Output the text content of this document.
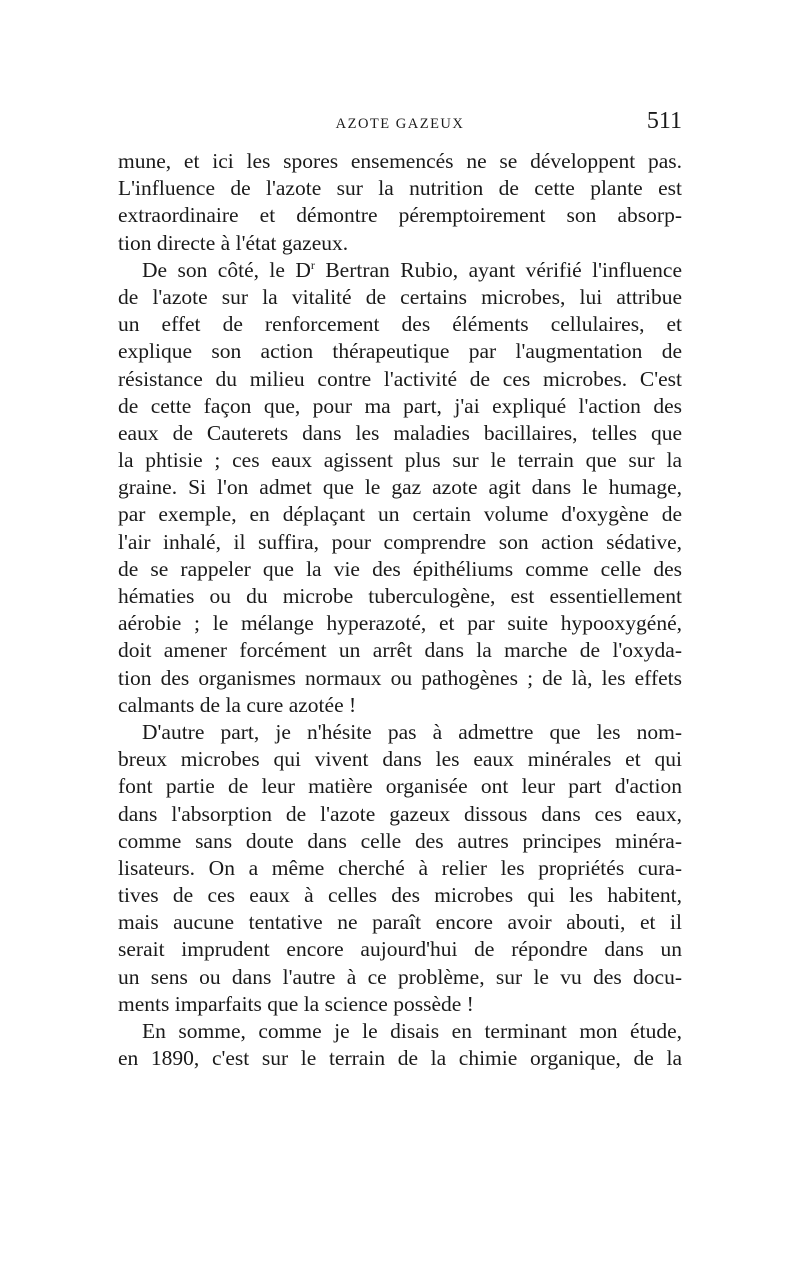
AZOTE GAZEUX	511
mune, et ici les spores ensemencés ne se développent pas.
L'influence de l'azote sur la nutrition de cette plante est
extraordinaire et démontre péremptoirement son absorp-
tion directe à l'état gazeux.
De son côté, le $D^r$ Bertran Rubio, ayant vérifié l'influence
de l'azote sur la vitalité de certains microbes, lui attribue
un effet de renforcement des éléments cellulaires, et
explique son action thérapeutique par l'augmentation de
résistance du milieu contre l'activité de ces microbes. C'est
de cette façon que, pour ma part, j'ai expliqué l'action des
eaux de Cauterets dans les maladies bacillaires, telles que
la phtisie ; ces eaux agissent plus sur le terrain que sur la
graine. Si l'on admet que le gaz azote agit dans le humage,
par exemple, en déplaçant un certain volume d'oxygène de
l'air inhalé, il suffira, pour comprendre son action sédative,
de se rappeler que la vie des épithéliums comme celle des
hématies ou du microbe tuberculogène, est essentiellement
aérobie ; le mélange hyperazoté, et par suite hypooxygéné,
doit amener forcément un arrêt dans la marche de l'oxyda-
tion des organismes normaux ou pathogènes ; de là, les effets
calmants de la cure azotée !
D'autre part, je n'hésite pas à admettre que les nom-
breux microbes qui vivent dans les eaux minérales et qui
font partie de leur matière organisée ont leur part d'action
dans l'absorption de l'azote gazeux dissous dans ces eaux,
comme sans doute dans celle des autres principes minéra-
lisateurs. On a même cherché à relier les propriétés cura-
tives de ces eaux à celles des microbes qui les habitent,
mais aucune tentative ne paraît encore avoir abouti, et il
serait imprudent encore aujourd'hui de répondre dans un
un sens ou dans l'autre à ce problème, sur le vu des docu-
ments imparfaits que la science possède !
En somme, comme je le disais en terminant mon étude,
en 1890, c'est sur le terrain de la chimie organique, de la
